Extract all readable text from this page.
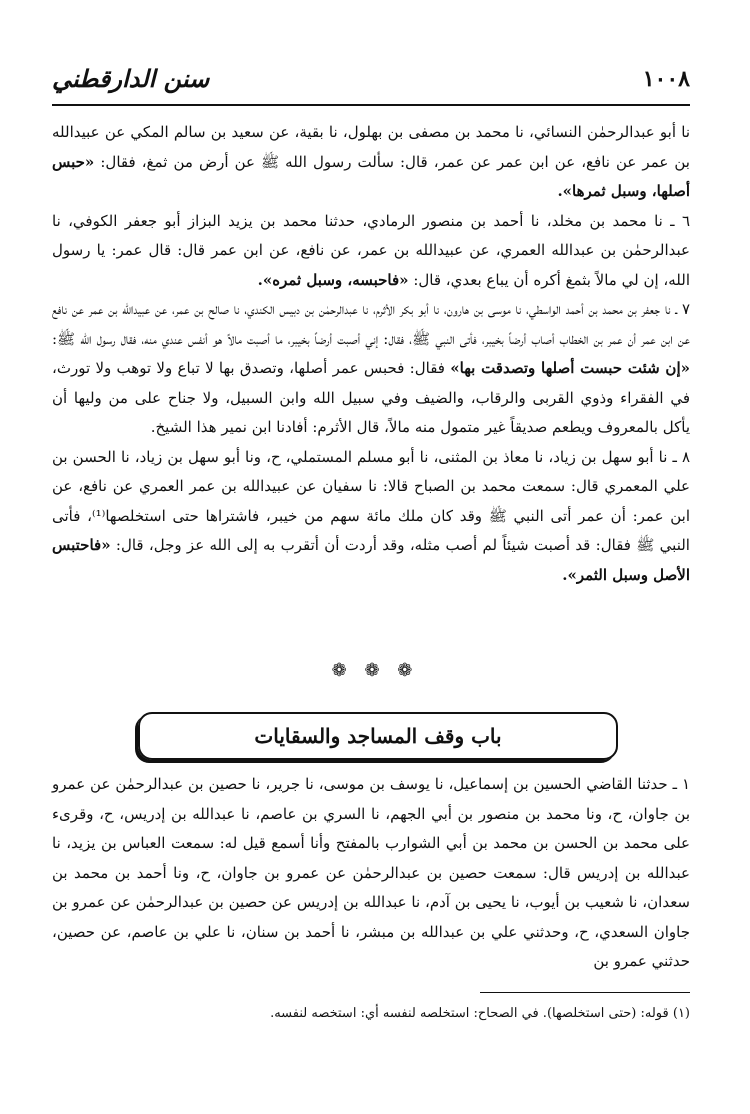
١٠٠٨
سنن الدارقطني

نا أبو عبدالرحمٰن النسائي، نا محمد بن مصفى بن بهلول، نا بقية، عن سعيد بن سالم المكي عن عبيدالله بن عمر عن نافع، عن ابن عمر عن عمر، قال: سألت رسول الله ﷺ عن أرض من ثمغ، فقال: «حبس أصلها، وسبل ثمرها».

٦ ـ نا محمد بن مخلد، نا أحمد بن منصور الرمادي، حدثنا محمد بن يزيد البزاز أبو جعفر الكوفي، نا عبدالرحمٰن بن عبدالله العمري، عن عبيدالله بن عمر، عن نافع، عن ابن عمر قال: قال عمر: يا رسول الله، إن لي مالاً بثمغ أكره أن يباع بعدي، قال: «فاحبسه، وسبل ثمره».

٧ ـ نا جعفر بن محمد بن أحمد الواسطي، نا موسى بن هارون، نا أبو بكر الأثرم، نا عبدالرحمٰن بن دبيس الكندي، نا صالح بن عمر، عن عبيدالله بن عمر عن نافع عن ابن عمر أن عمر بن الخطاب أصاب أرضاً بخيبر، فأتى النبي ﷺ، فقال: إني أصبت أرضاً بخيبر، ما أصبت مالاً هو أنفس عندي منه، فقال رسول الله ﷺ: «إن شئت حبست أصلها وتصدقت بها» فقال: فحبس عمر أصلها، وتصدق بها لا تباع ولا توهب ولا تورث، في الفقراء وذوي القربى والرقاب، والضيف وفي سبيل الله وابن السبيل، ولا جناح على من وليها أن يأكل بالمعروف ويطعم صديقاً غير متمول منه مالاً، قال الأثرم: أفادنا ابن نمير هذا الشيخ.

٨ ـ نا أبو سهل بن زياد، نا معاذ بن المثنى، نا أبو مسلم المستملي، ح، ونا أبو سهل بن زياد، نا الحسن بن علي المعمري قال: سمعت محمد بن الصباح قالا: نا سفيان عن عبيدالله بن عمر العمري عن نافع، عن ابن عمر: أن عمر أتى النبي ﷺ وقد كان ملك مائة سهم من خيبر، فاشتراها حتى استخلصها⁽¹⁾، فأتى النبي ﷺ فقال: قد أصبت شيئاً لم أصب مثله، وقد أردت أن أتقرب به إلى الله عز وجل، قال: «فاحتبس الأصل وسبل الثمر».

❁ ❁ ❁
باب وقف المساجد والسقايات

١ ـ حدثنا القاضي الحسين بن إسماعيل، نا يوسف بن موسى، نا جرير، نا حصين بن عبدالرحمٰن عن عمرو بن جاوان، ح، ونا محمد بن منصور بن أبي الجهم، نا السري بن عاصم، نا عبدالله بن إدريس، ح، وقرىء على محمد بن الحسن بن محمد بن أبي الشوارب بالمفتح وأنا أسمع قيل له: سمعت العباس بن يزيد، نا عبدالله بن إدريس قال: سمعت حصين بن عبدالرحمٰن عن عمرو بن جاوان، ح، ونا أحمد بن محمد بن سعدان، نا شعيب بن أيوب، نا يحيى بن آدم، نا عبدالله بن إدريس عن حصين بن عبدالرحمٰن عن عمرو بن جاوان السعدي، ح، وحدثني علي بن عبدالله بن مبشر، نا أحمد بن سنان، نا علي بن عاصم، عن حصين، حدثني عمرو بن

(١) قوله: (حتى استخلصها). في الصحاح: استخلصه لنفسه أي: استخصه لنفسه.
